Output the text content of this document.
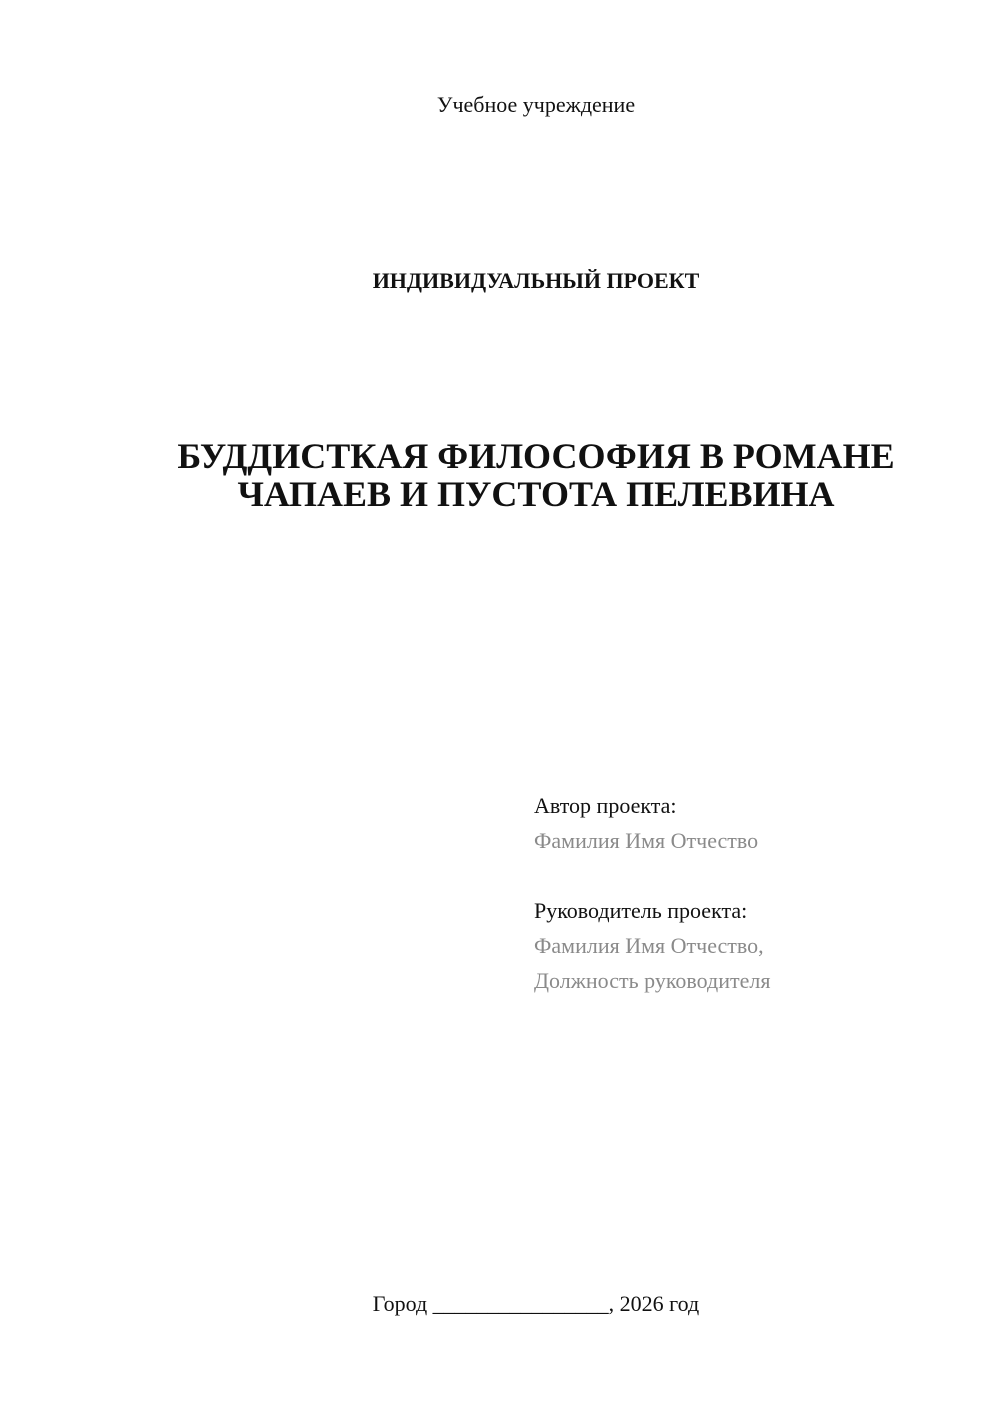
Учебное учреждение
ИНДИВИДУАЛЬНЫЙ ПРОЕКТ
БУДДИСТКАЯ ФИЛОСОФИЯ В РОМАНЕ
ЧАПАЕВ И ПУСТОТА ПЕЛЕВИНА
Автор проекта:
Фамилия Имя Отчество
Руководитель проекта:
Фамилия Имя Отчество,
Должность руководителя
Город ________________, 2026 год
